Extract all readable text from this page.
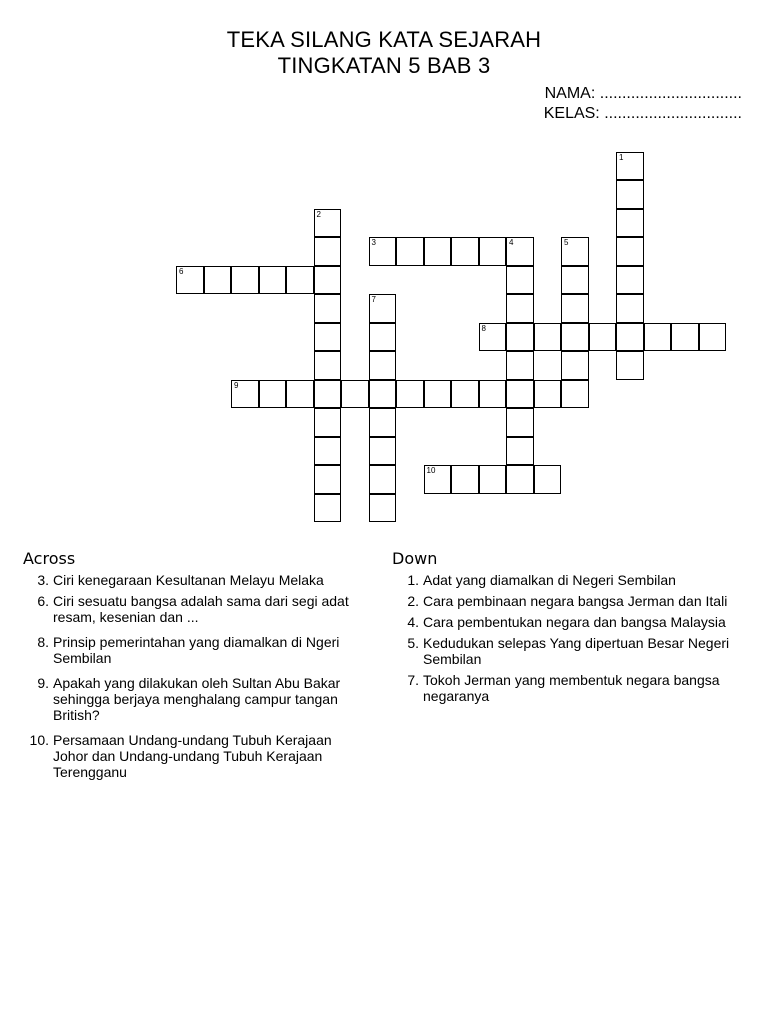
TEKA SILANG KATA SEJARAH
TINGKATAN 5 BAB 3
NAMA: ................................
KELAS: ...............................
1
2
3	4	5
6
7
8
9
10
Across	Down
3. Ciri kenegaraan Kesultanan Melayu Melaka
6. Ciri sesuatu bangsa adalah sama dari segi adat resam, kesenian dan ...
8. Prinsip pemerintahan yang diamalkan di Ngeri Sembilan
9. Apakah yang dilakukan oleh Sultan Abu Bakar sehingga berjaya menghalang campur tangan British?
10. Persamaan Undang-undang Tubuh Kerajaan Johor dan Undang-undang Tubuh Kerajaan Terengganu
1. Adat yang diamalkan di Negeri Sembilan
2. Cara pembinaan negara bangsa Jerman dan Itali
4. Cara pembentukan negara dan bangsa Malaysia
5. Kedudukan selepas Yang dipertuan Besar Negeri Sembilan
7. Tokoh Jerman yang membentuk negara bangsa negaranya
